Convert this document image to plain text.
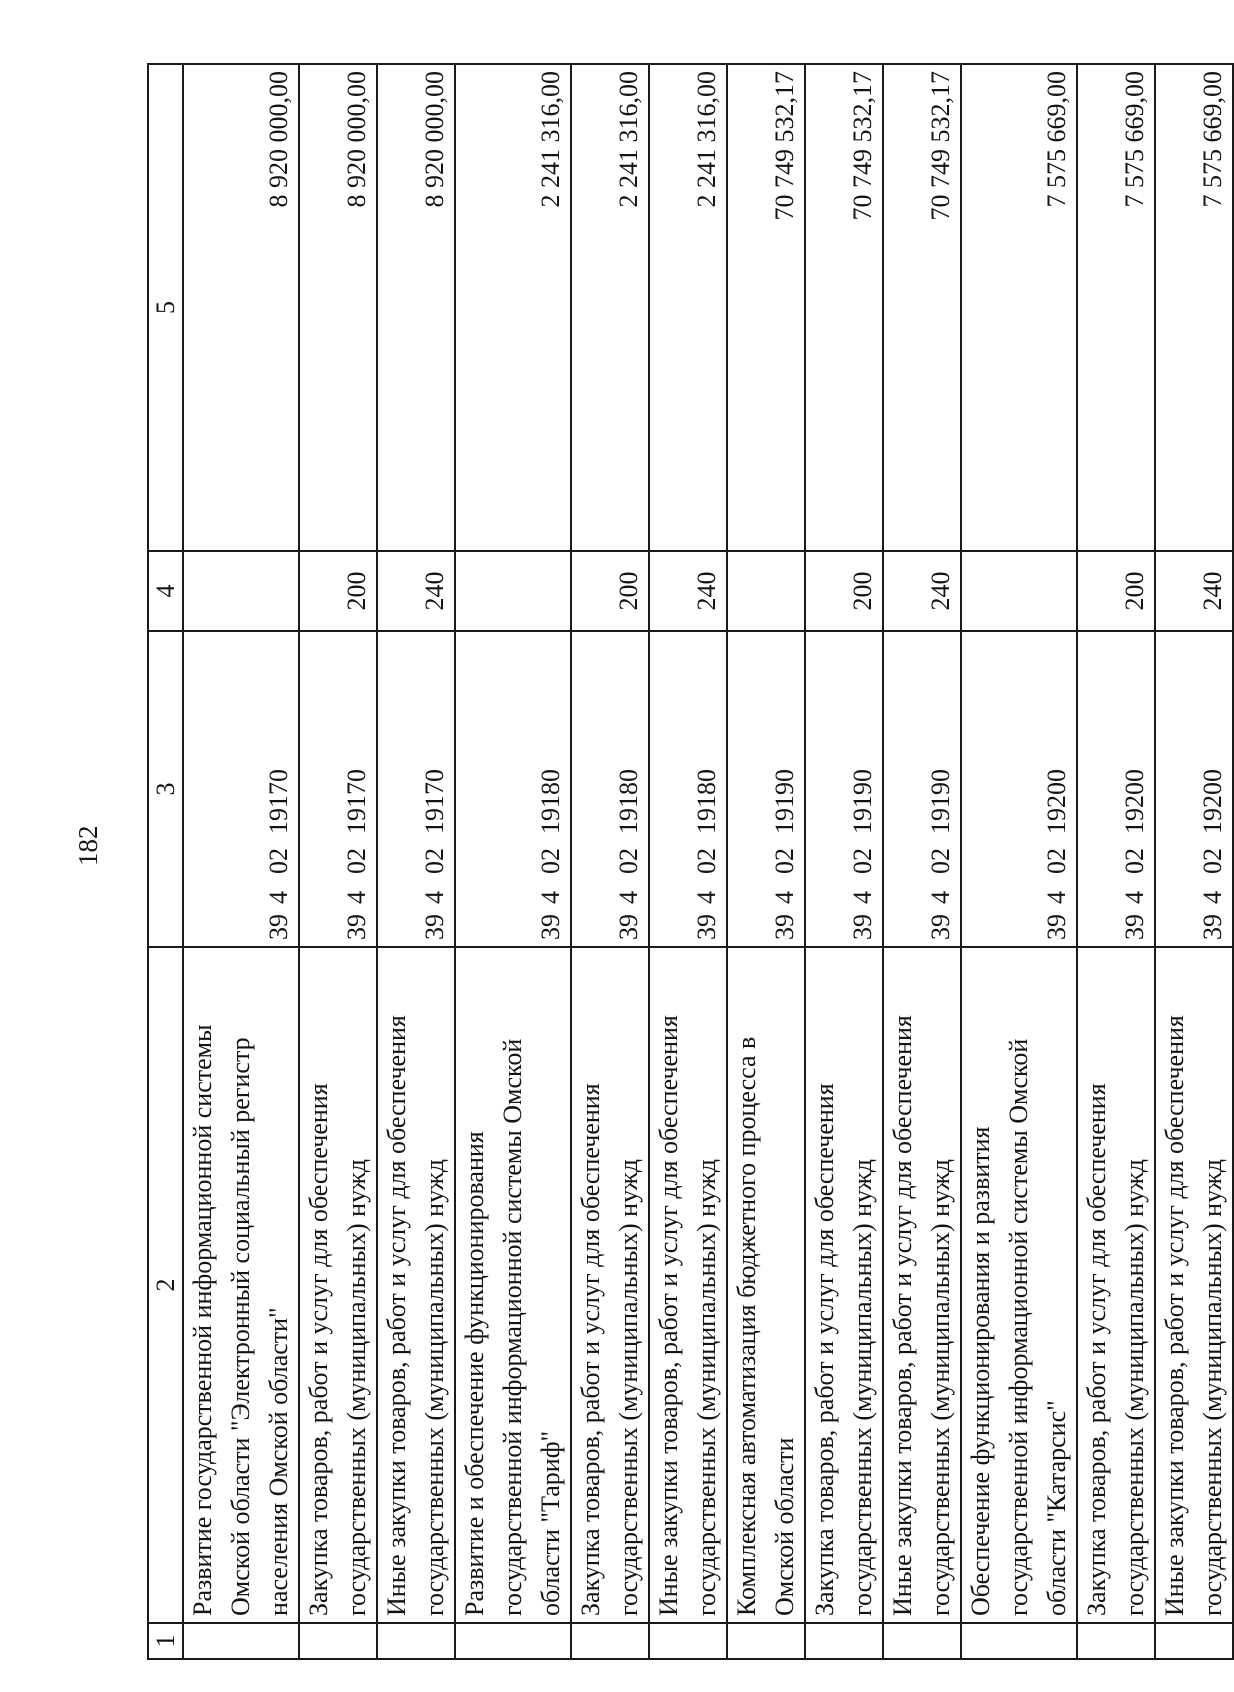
182
1	2	3	4	5
	Развитие государственной информационной системы Омской области "Электронный социальный регистр населения Омской области"	3940219170		8 920 000,00
	Закупка товаров, работ и услуг для обеспечения государственных (муниципальных) нужд	3940219170	200	8 920 000,00
	Иные закупки товаров, работ и услуг для обеспечения государственных (муниципальных) нужд	3940219170	240	8 920 000,00
	Развитие и обеспечение функционирования государственной информационной системы Омской области "Тариф"	3940219180		2 241 316,00
	Закупка товаров, работ и услуг для обеспечения государственных (муниципальных) нужд	3940219180	200	2 241 316,00
	Иные закупки товаров, работ и услуг для обеспечения государственных (муниципальных) нужд	3940219180	240	2 241 316,00
	Комплексная автоматизация бюджетного процесса в Омской области	3940219190		70 749 532,17
	Закупка товаров, работ и услуг для обеспечения государственных (муниципальных) нужд	3940219190	200	70 749 532,17
	Иные закупки товаров, работ и услуг для обеспечения государственных (муниципальных) нужд	3940219190	240	70 749 532,17
	Обеспечение функционирования и развития государственной информационной системы Омской области "Катарсис"	3940219200		7 575 669,00
	Закупка товаров, работ и услуг для обеспечения государственных (муниципальных) нужд	3940219200	200	7 575 669,00
	Иные закупки товаров, работ и услуг для обеспечения государственных (муниципальных) нужд	3940219200	240	7 575 669,00
